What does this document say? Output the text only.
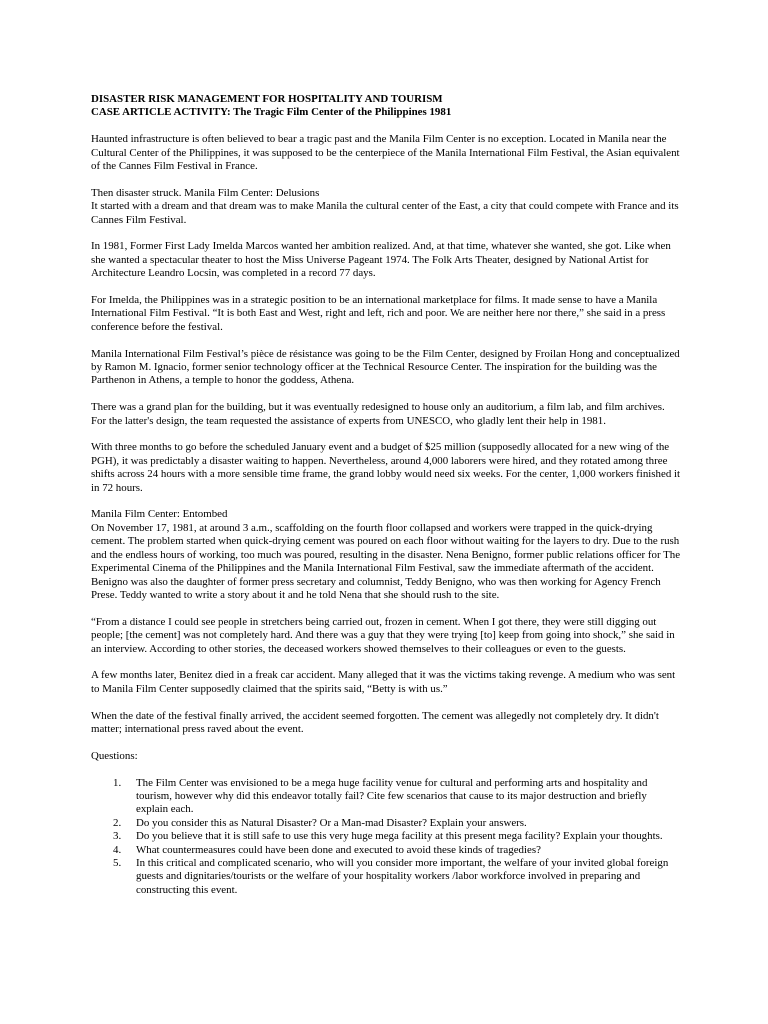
DISASTER RISK MANAGEMENT FOR HOSPITALITY AND TOURISM
CASE ARTICLE ACTIVITY: The Tragic Film Center of the Philippines 1981

Haunted infrastructure is often believed to bear a tragic past and the Manila Film Center is no exception. Located in Manila near the Cultural Center of the Philippines, it was supposed to be the centerpiece of the Manila International Film Festival, the Asian equivalent of the Cannes Film Festival in France.

Then disaster struck. Manila Film Center: Delusions
It started with a dream and that dream was to make Manila the cultural center of the East, a city that could compete with France and its Cannes Film Festival.

In 1981, Former First Lady Imelda Marcos wanted her ambition realized. And, at that time, whatever she wanted, she got. Like when she wanted a spectacular theater to host the Miss Universe Pageant 1974. The Folk Arts Theater, designed by National Artist for Architecture Leandro Locsin, was completed in a record 77 days.

For Imelda, the Philippines was in a strategic position to be an international marketplace for films. It made sense to have a Manila International Film Festival. “It is both East and West, right and left, rich and poor. We are neither here nor there,” she said in a press conference before the festival.

Manila International Film Festival’s pièce de résistance was going to be the Film Center, designed by Froilan Hong and conceptualized by Ramon M. Ignacio, former senior technology officer at the Technical Resource Center. The inspiration for the building was the Parthenon in Athens, a temple to honor the goddess, Athena.

There was a grand plan for the building, but it was eventually redesigned to house only an auditorium, a film lab, and film archives. For the latter's design, the team requested the assistance of experts from UNESCO, who gladly lent their help in 1981.

With three months to go before the scheduled January event and a budget of $25 million (supposedly allocated for a new wing of the PGH), it was predictably a disaster waiting to happen. Nevertheless, around 4,000 laborers were hired, and they rotated among three shifts across 24 hours with a more sensible time frame, the grand lobby would need six weeks. For the center, 1,000 workers finished it in 72 hours.

Manila Film Center: Entombed
On November 17, 1981, at around 3 a.m., scaffolding on the fourth floor collapsed and workers were trapped in the quick-drying cement. The problem started when quick-drying cement was poured on each floor without waiting for the layers to dry. Due to the rush and the endless hours of working, too much was poured, resulting in the disaster. Nena Benigno, former public relations officer for The Experimental Cinema of the Philippines and the Manila International Film Festival, saw the immediate aftermath of the accident. Benigno was also the daughter of former press secretary and columnist, Teddy Benigno, who was then working for Agency French Prese. Teddy wanted to write a story about it and he told Nena that she should rush to the site.

“From a distance I could see people in stretchers being carried out, frozen in cement. When I got there, they were still digging out people; [the cement] was not completely hard. And there was a guy that they were trying [to] keep from going into shock,” she said in an interview. According to other stories, the deceased workers showed themselves to their colleagues or even to the guests.

A few months later, Benitez died in a freak car accident. Many alleged that it was the victims taking revenge. A medium who was sent to Manila Film Center supposedly claimed that the spirits said, “Betty is with us.”

When the date of the festival finally arrived, the accident seemed forgotten. The cement was allegedly not completely dry. It didn't matter; international press raved about the event.

Questions:
1. The Film Center was envisioned to be a mega huge facility venue for cultural and performing arts and hospitality and tourism, however why did this endeavor totally fail? Cite few scenarios that cause to its major destruction and briefly explain each.
2. Do you consider this as Natural Disaster? Or a Man-mad Disaster? Explain your answers.
3. Do you believe that it is still safe to use this very huge mega facility at this present mega facility? Explain your thoughts.
4. What countermeasures could have been done and executed to avoid these kinds of tragedies?
5. In this critical and complicated scenario, who will you consider more important, the welfare of your invited global foreign guests and dignitaries/tourists or the welfare of your hospitality workers /labor workforce involved in preparing and constructing this event.
